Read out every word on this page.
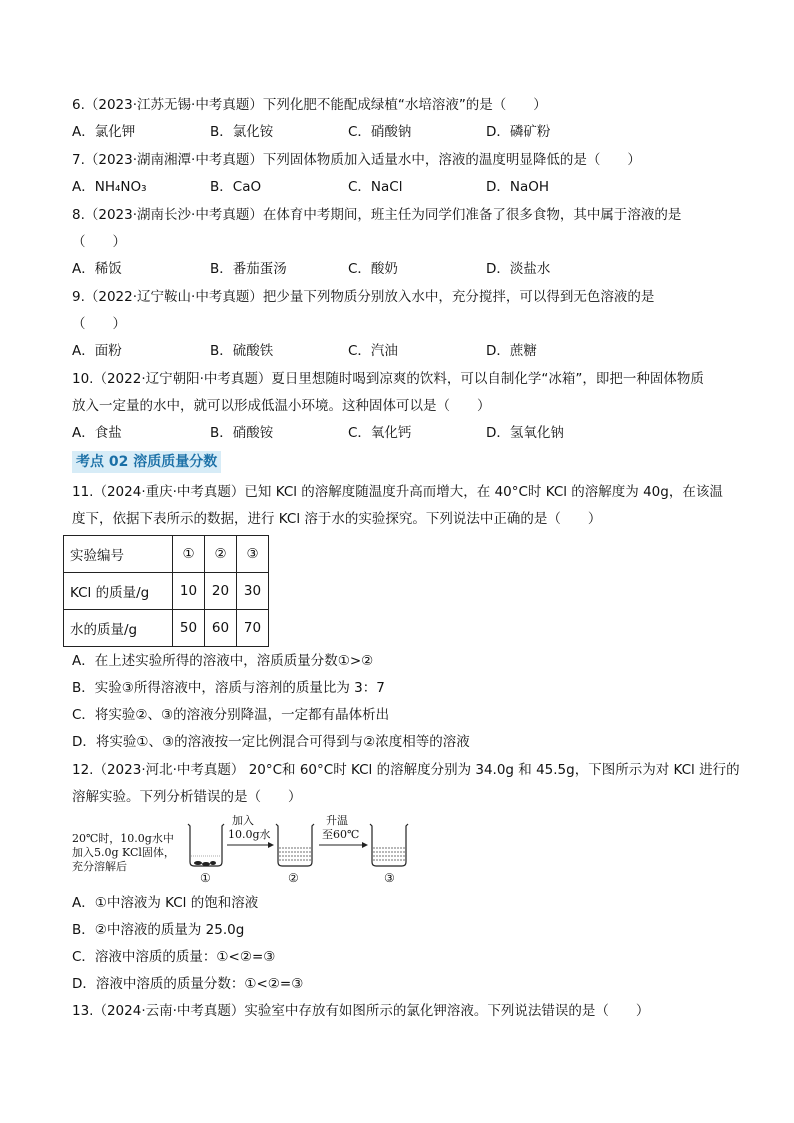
6.（2023·江苏无锡·中考真题）下列化肥不能配成绿植“水培溶液”的是（　　）
A．氯化钾	B．氯化铵	C．硝酸钠	D．磷矿粉
7.（2023·湖南湘潭·中考真题）下列固体物质加入适量水中，溶液的温度明显降低的是（　　）
A．NH₄NO₃	B．CaO	C．NaCl	D．NaOH
8.（2023·湖南长沙·中考真题）在体育中考期间，班主任为同学们准备了很多食物，其中属于溶液的是
（　　）
A．稀饭	B．番茄蛋汤	C．酸奶	D．淡盐水
9.（2022·辽宁鞍山·中考真题）把少量下列物质分别放入水中，充分搅拌，可以得到无色溶液的是
（　　）
A．面粉	B．硫酸铁	C．汽油	D．蔗糖
10.（2022·辽宁朝阳·中考真题）夏日里想随时喝到凉爽的饮料，可以自制化学“冰箱”，即把一种固体物质
放入一定量的水中，就可以形成低温小环境。这种固体可以是（　　）
A．食盐	B．硝酸铵	C．氧化钙	D．氢氧化钠
考点 02 溶质质量分数
11.（2024·重庆·中考真题）已知 KCl 的溶解度随温度升高而增大，在 40°C时 KCl 的溶解度为 40g，在该温
度下，依据下表所示的数据，进行 KCl 溶于水的实验探究。下列说法中正确的是（　　）
实验编号	①	②	③
KCl 的质量/g	10	20	30
水的质量/g	50	60	70
A．在上述实验所得的溶液中，溶质质量分数①>②
B．实验③所得溶液中，溶质与溶剂的质量比为 3：7
C．将实验②、③的溶液分别降温，一定都有晶体析出
D．将实验①、③的溶液按一定比例混合可得到与②浓度相等的溶液
12.（2023·河北·中考真题） 20°C和 60°C时 KCl 的溶解度分别为 34.0g 和 45.5g，下图所示为对 KCl 进行的
溶解实验。下列分析错误的是（　　）
20℃时，10.0g水中
加入5.0g KCl固体，
充分溶解后
加入
10.0g水
升温
至60℃
①	②	③
A．①中溶液为 KCl 的饱和溶液
B．②中溶液的质量为 25.0g
C．溶液中溶质的质量：①<②=③
D．溶液中溶质的质量分数：①<②=③
13.（2024·云南·中考真题）实验室中存放有如图所示的氯化钾溶液。下列说法错误的是（　　）
